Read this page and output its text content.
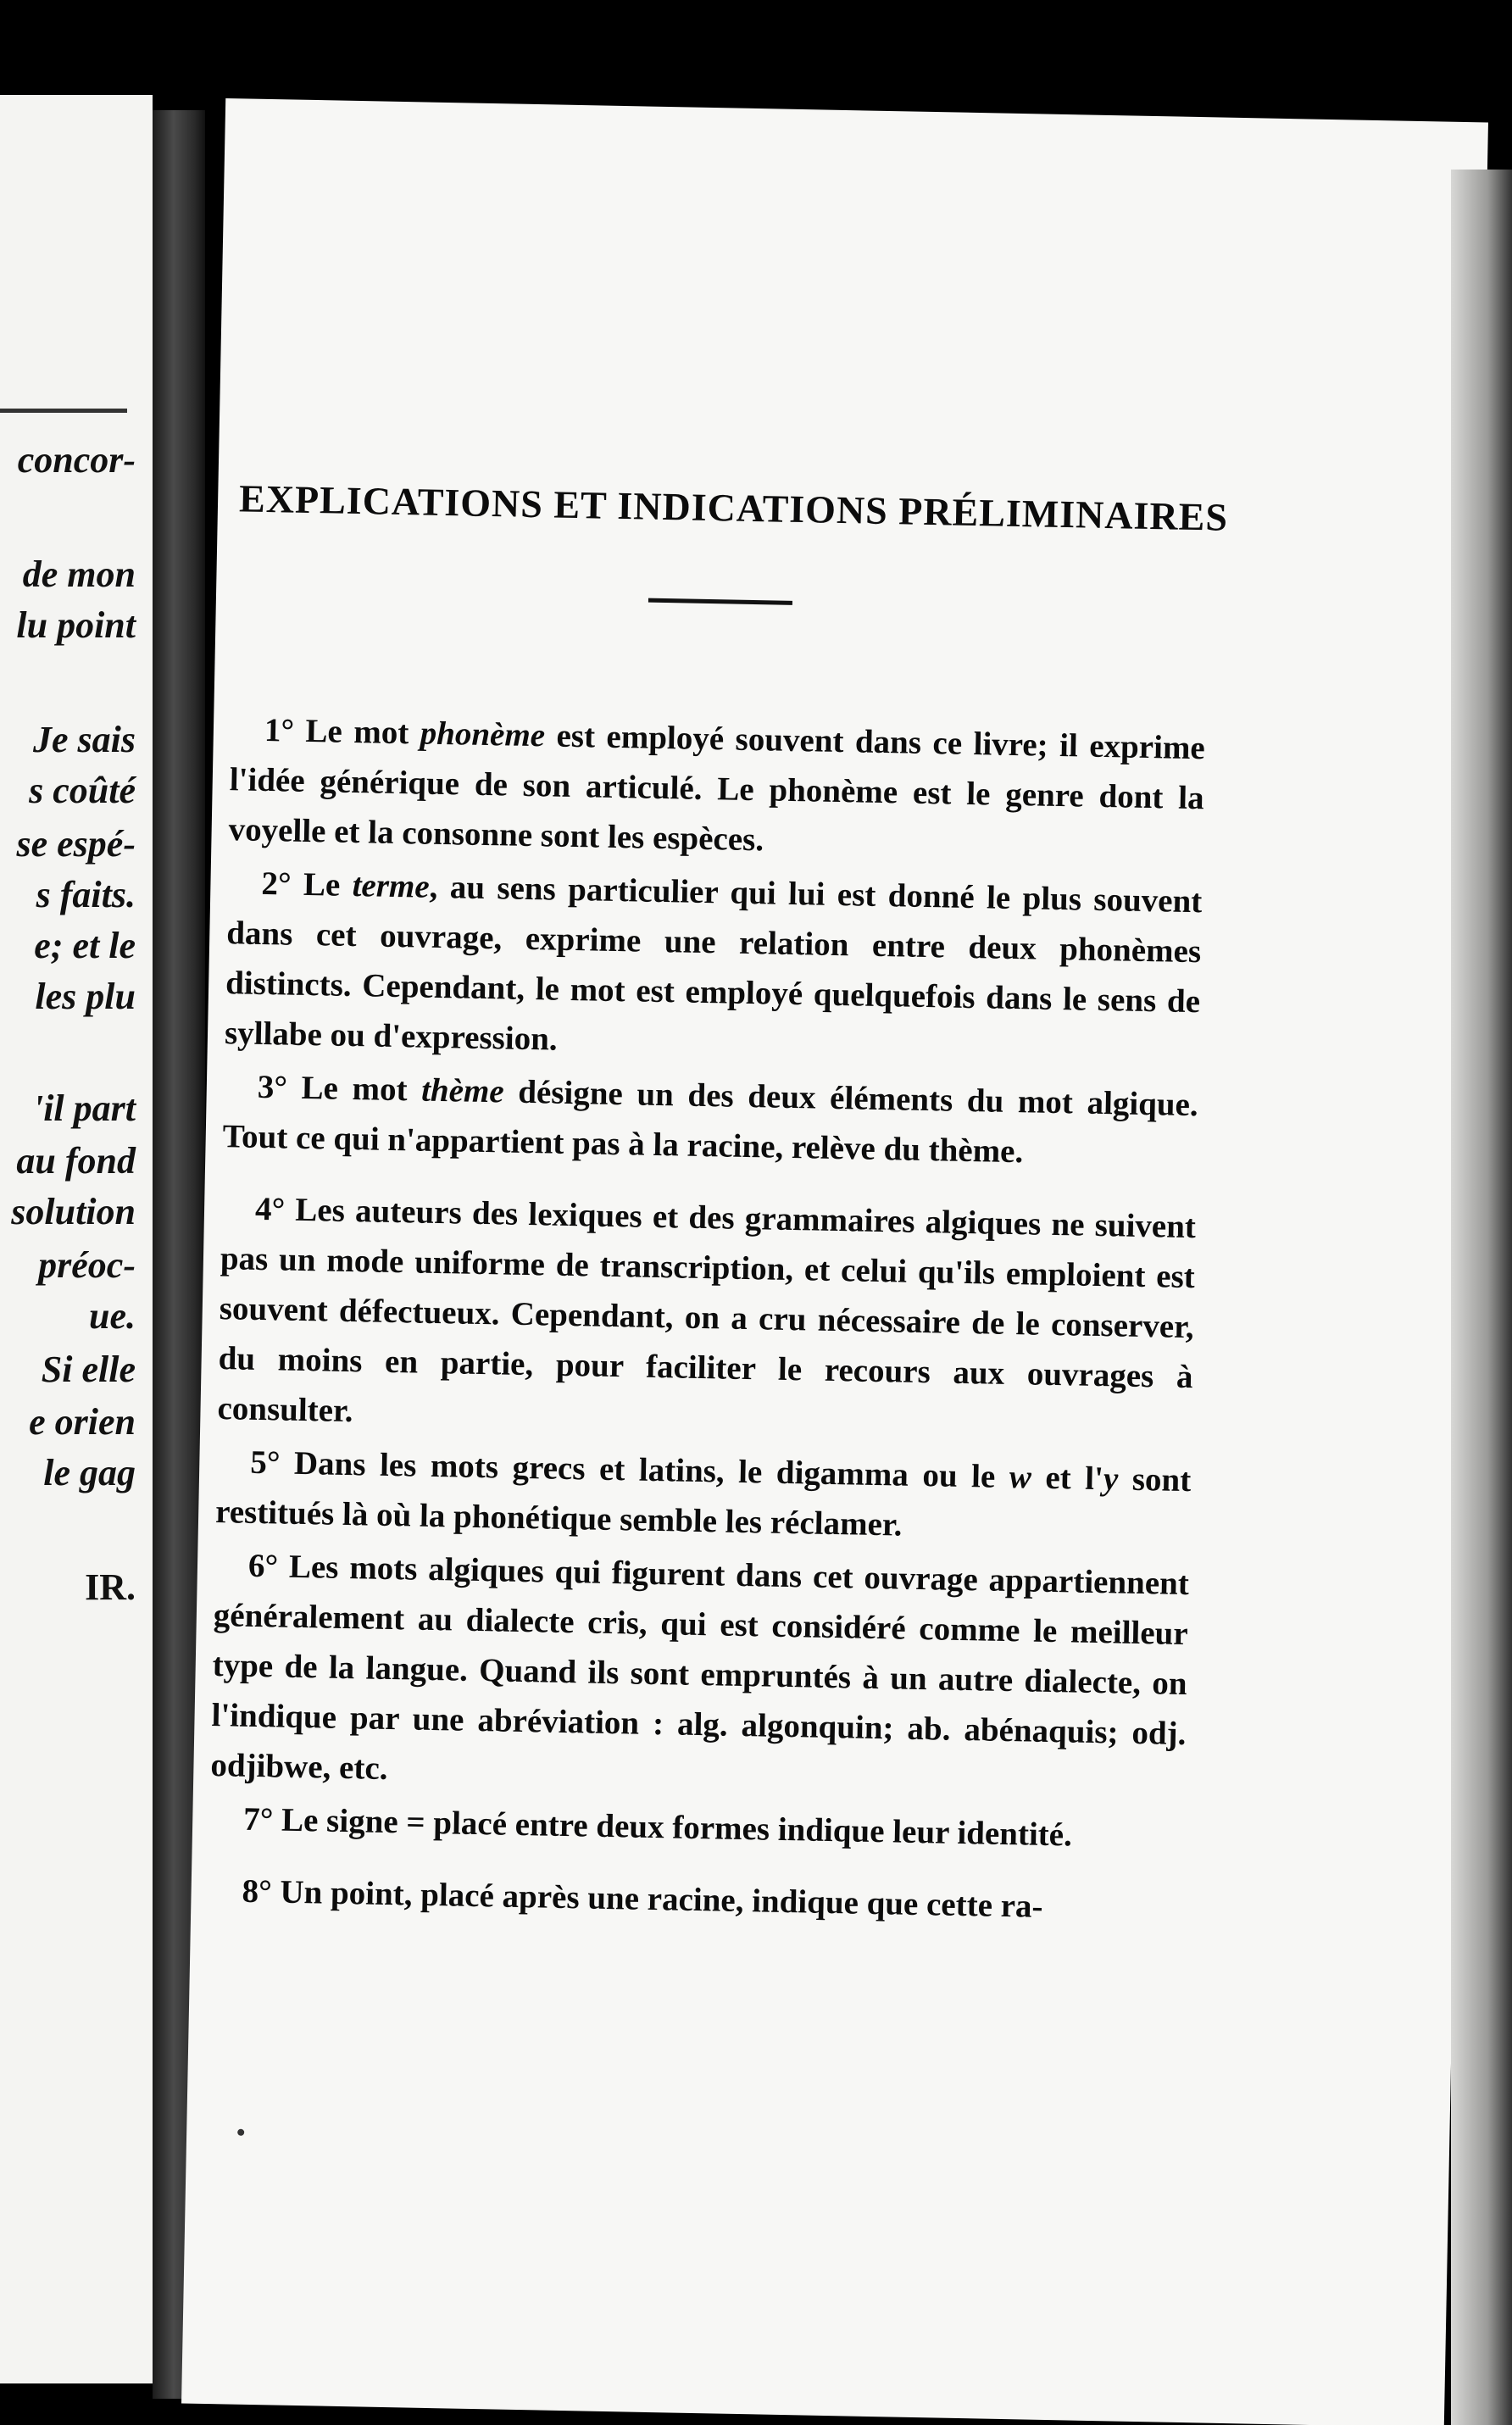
concor-
de mon
lu point
Je sais
s coûté
se espé-
s faits.
e; et le
les plu
'il part
au fond
solution
préoc-
ue.
Si elle
e orien
le gag
IR.
EXPLICATIONS ET INDICATIONS PRÉLIMINAIRES

1° Le mot phonème est employé souvent dans ce livre; il exprime l'idée générique de son articulé. Le phonème est le genre dont la voyelle et la consonne sont les espèces.

2° Le terme, au sens particulier qui lui est donné le plus souvent dans cet ouvrage, exprime une relation entre deux phonèmes distincts. Cependant, le mot est employé quelquefois dans le sens de syllabe ou d'expression.

3° Le mot thème désigne un des deux éléments du mot algique. Tout ce qui n'appartient pas à la racine, relève du thème.

4° Les auteurs des lexiques et des grammaires algiques ne suivent pas un mode uniforme de transcription, et celui qu'ils emploient est souvent défectueux. Cependant, on a cru nécessaire de le conserver, du moins en partie, pour faciliter le recours aux ouvrages à consulter.

5° Dans les mots grecs et latins, le digamma ou le w et l'y sont restitués là où la phonétique semble les réclamer.

6° Les mots algiques qui figurent dans cet ouvrage appartiennent généralement au dialecte cris, qui est considéré comme le meilleur type de la langue. Quand ils sont empruntés à un autre dialecte, on l'indique par une abréviation : alg. algonquin; ab. abénaquis; odj. odjibwe, etc.

7° Le signe = placé entre deux formes indique leur identité.

8° Un point, placé après une racine, indique que cette ra-
